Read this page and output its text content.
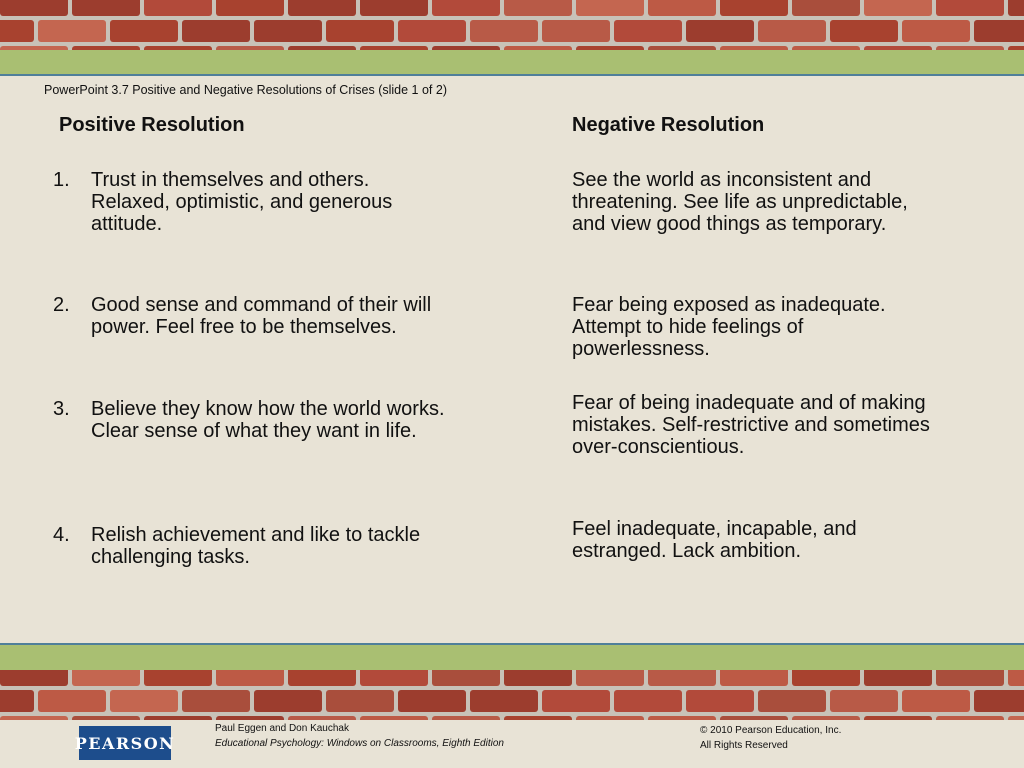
PowerPoint 3.7 Positive and Negative Resolutions of Crises (slide 1 of 2)
Positive Resolution	Negative Resolution
1. Trust in themselves and others.
Relaxed, optimistic, and generous
attitude.
2. Good sense and command of their will
power. Feel free to be themselves.
3. Believe they know how the world works.
Clear sense of what they want in life.
4. Relish achievement and like to tackle
challenging tasks.
See the world as inconsistent and
threatening. See life as unpredictable,
and view good things as temporary.
Fear being exposed as inadequate.
Attempt to hide feelings of
powerlessness.
Fear of being inadequate and of making
mistakes. Self-restrictive and sometimes
over-conscientious.
Feel inadequate, incapable, and
estranged. Lack ambition.
PEARSON
Paul Eggen and Don Kauchak
Educational Psychology: Windows on Classrooms, Eighth Edition
© 2010 Pearson Education, Inc.
All Rights Reserved
